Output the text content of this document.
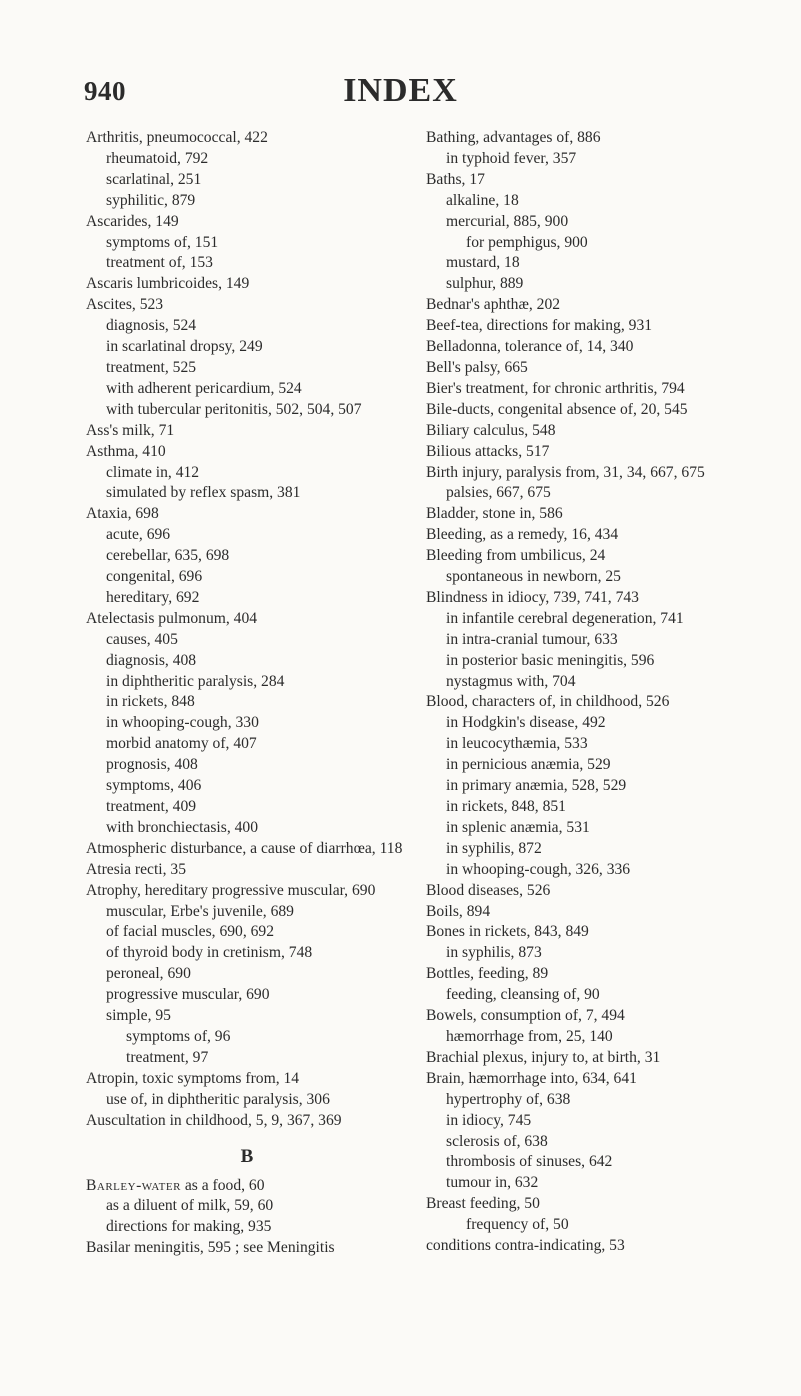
940	INDEX
Arthritis, pneumococcal, 422
rheumatoid, 792
scarlatinal, 251
syphilitic, 879
Ascarides, 149
symptoms of, 151
treatment of, 153
Ascaris lumbricoides, 149
Ascites, 523
diagnosis, 524
in scarlatinal dropsy, 249
treatment, 525
with adherent pericardium, 524
with tubercular peritonitis, 502, 504, 507
Ass's milk, 71
Asthma, 410
climate in, 412
simulated by reflex spasm, 381
Ataxia, 698
acute, 696
cerebellar, 635, 698
congenital, 696
hereditary, 692
Atelectasis pulmonum, 404
causes, 405
diagnosis, 408
in diphtheritic paralysis, 284
in rickets, 848
in whooping-cough, 330
morbid anatomy of, 407
prognosis, 408
symptoms, 406
treatment, 409
with bronchiectasis, 400
Atmospheric disturbance, a cause of diarrhœa, 118
Atresia recti, 35
Atrophy, hereditary progressive muscular, 690
muscular, Erbe's juvenile, 689
of facial muscles, 690, 692
of thyroid body in cretinism, 748
peroneal, 690
progressive muscular, 690
simple, 95
symptoms of, 96
treatment, 97
Atropin, toxic symptoms from, 14
use of, in diphtheritic paralysis, 306
Auscultation in childhood, 5, 9, 367, 369
B
Barley-water as a food, 60
as a diluent of milk, 59, 60
directions for making, 935
Basilar meningitis, 595 ; see Meningitis
Bathing, advantages of, 886
in typhoid fever, 357
Baths, 17
alkaline, 18
mercurial, 885, 900
for pemphigus, 900
mustard, 18
sulphur, 889
Bednar's aphthæ, 202
Beef-tea, directions for making, 931
Belladonna, tolerance of, 14, 340
Bell's palsy, 665
Bier's treatment, for chronic arthritis, 794
Bile-ducts, congenital absence of, 20, 545
Biliary calculus, 548
Bilious attacks, 517
Birth injury, paralysis from, 31, 34, 667, 675
palsies, 667, 675
Bladder, stone in, 586
Bleeding, as a remedy, 16, 434
Bleeding from umbilicus, 24
spontaneous in newborn, 25
Blindness in idiocy, 739, 741, 743
in infantile cerebral degeneration, 741
in intra-cranial tumour, 633
in posterior basic meningitis, 596
nystagmus with, 704
Blood, characters of, in childhood, 526
in Hodgkin's disease, 492
in leucocythæmia, 533
in pernicious anæmia, 529
in primary anæmia, 528, 529
in rickets, 848, 851
in splenic anæmia, 531
in syphilis, 872
in whooping-cough, 326, 336
Blood diseases, 526
Boils, 894
Bones in rickets, 843, 849
in syphilis, 873
Bottles, feeding, 89
feeding, cleansing of, 90
Bowels, consumption of, 7, 494
hæmorrhage from, 25, 140
Brachial plexus, injury to, at birth, 31
Brain, hæmorrhage into, 634, 641
hypertrophy of, 638
in idiocy, 745
sclerosis of, 638
thrombosis of sinuses, 642
tumour in, 632
Breast feeding, 50
frequency of, 50
conditions contra-indicating, 53
